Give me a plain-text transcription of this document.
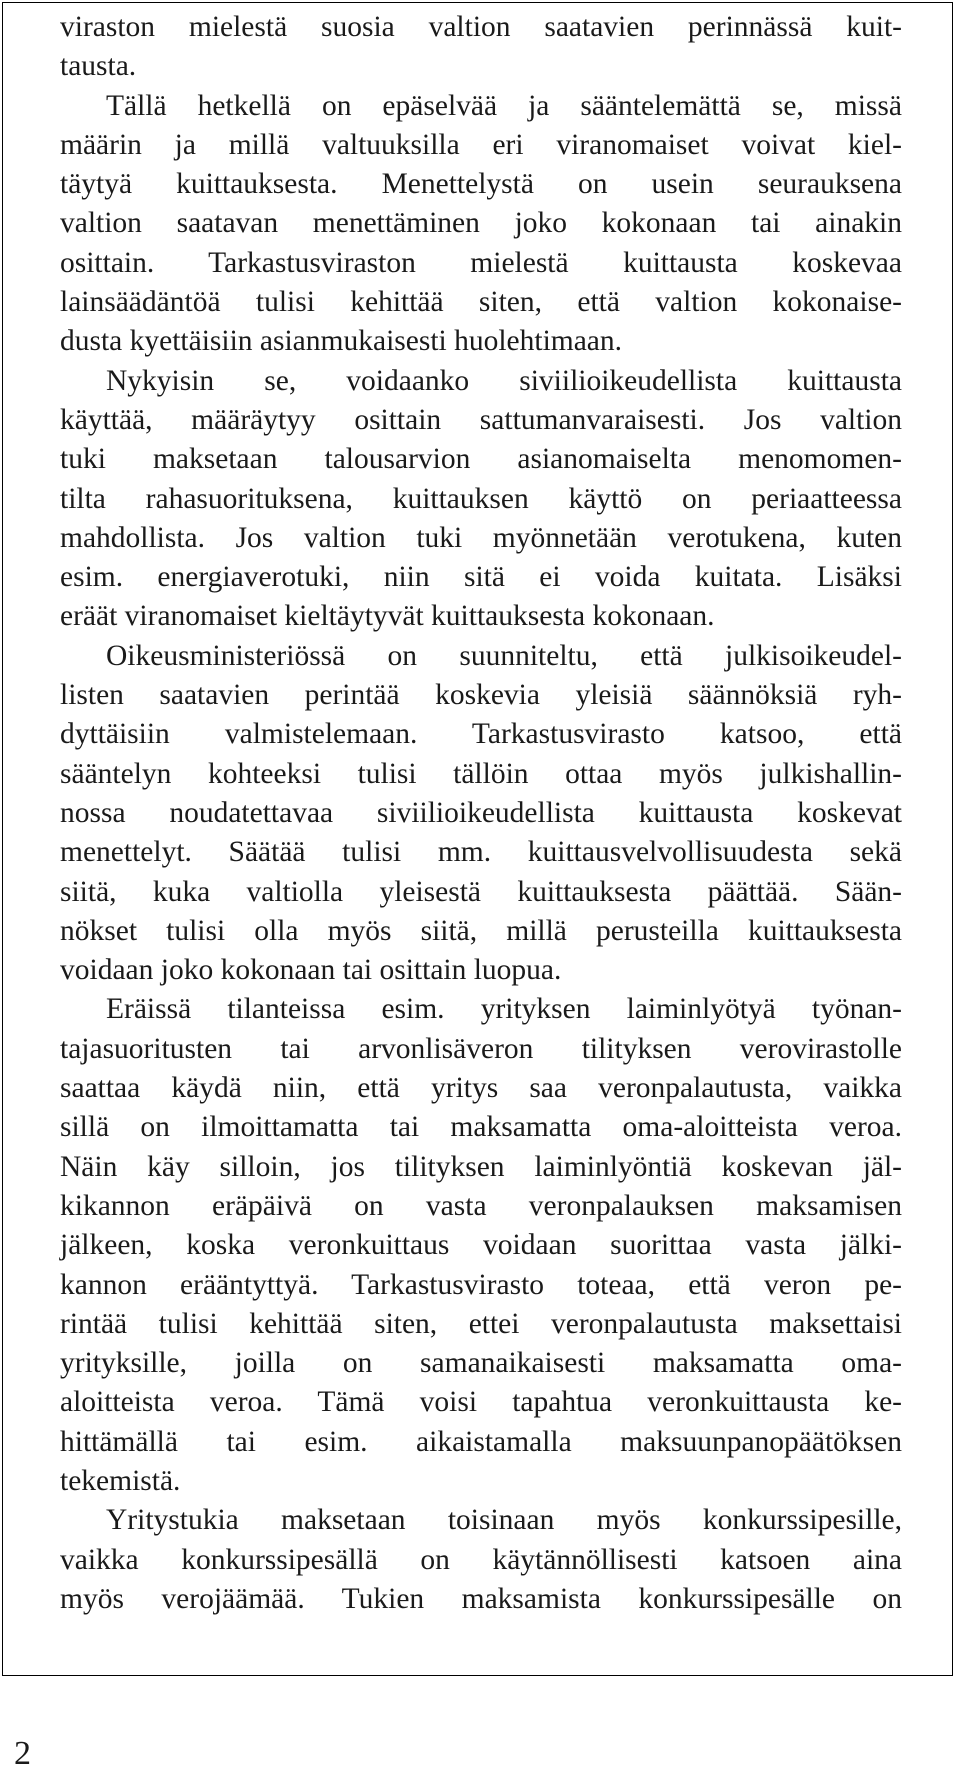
viraston mielestä suosia valtion saatavien perinnässä kuit-
tausta.
Tällä hetkellä on epäselvää ja sääntelemättä se, missä
määrin ja millä valtuuksilla eri viranomaiset voivat kiel-
täytyä kuittauksesta. Menettelystä on usein seurauksena
valtion saatavan menettäminen joko kokonaan tai ainakin
osittain. Tarkastusviraston mielestä kuittausta koskevaa
lainsäädäntöä tulisi kehittää siten, että valtion kokonaise-
dusta kyettäisiin asianmukaisesti huolehtimaan.
Nykyisin se, voidaanko siviilioikeudellista kuittausta
käyttää, määräytyy osittain sattumanvaraisesti. Jos valtion
tuki maksetaan talousarvion asianomaiselta menomomen-
tilta rahasuorituksena, kuittauksen käyttö on periaatteessa
mahdollista. Jos valtion tuki myönnetään verotukena, kuten
esim. energiaverotuki, niin sitä ei voida kuitata. Lisäksi
eräät viranomaiset kieltäytyvät kuittauksesta kokonaan.
Oikeusministeriössä on suunniteltu, että julkisoikeudel-
listen saatavien perintää koskevia yleisiä säännöksiä ryh-
dyttäisiin valmistelemaan. Tarkastusvirasto katsoo, että
sääntelyn kohteeksi tulisi tällöin ottaa myös julkishallin-
nossa noudatettavaa siviilioikeudellista kuittausta koskevat
menettelyt. Säätää tulisi mm. kuittausvelvollisuudesta sekä
siitä, kuka valtiolla yleisestä kuittauksesta päättää. Sään-
nökset tulisi olla myös siitä, millä perusteilla kuittauksesta
voidaan joko kokonaan tai osittain luopua.
Eräissä tilanteissa esim. yrityksen laiminlyötyä työnan-
tajasuoritusten tai arvonlisäveron tilityksen verovirastolle
saattaa käydä niin, että yritys saa veronpalautusta, vaikka
sillä on ilmoittamatta tai maksamatta oma-aloitteista veroa.
Näin käy silloin, jos tilityksen laiminlyöntiä koskevan jäl-
kikannon eräpäivä on vasta veronpalauksen maksamisen
jälkeen, koska veronkuittaus voidaan suorittaa vasta jälki-
kannon erääntyttyä. Tarkastusvirasto toteaa, että veron pe-
rintää tulisi kehittää siten, ettei veronpalautusta maksettaisi
yrityksille, joilla on samanaikaisesti maksamatta oma-
aloitteista veroa. Tämä voisi tapahtua veronkuittausta ke-
hittämällä tai esim. aikaistamalla maksuunpanopäätöksen
tekemistä.
Yritystukia maksetaan toisinaan myös konkurssipesille,
vaikka konkurssipesällä on käytännöllisesti katsoen aina
myös verojäämää. Tukien maksamista konkurssipesälle on
2
